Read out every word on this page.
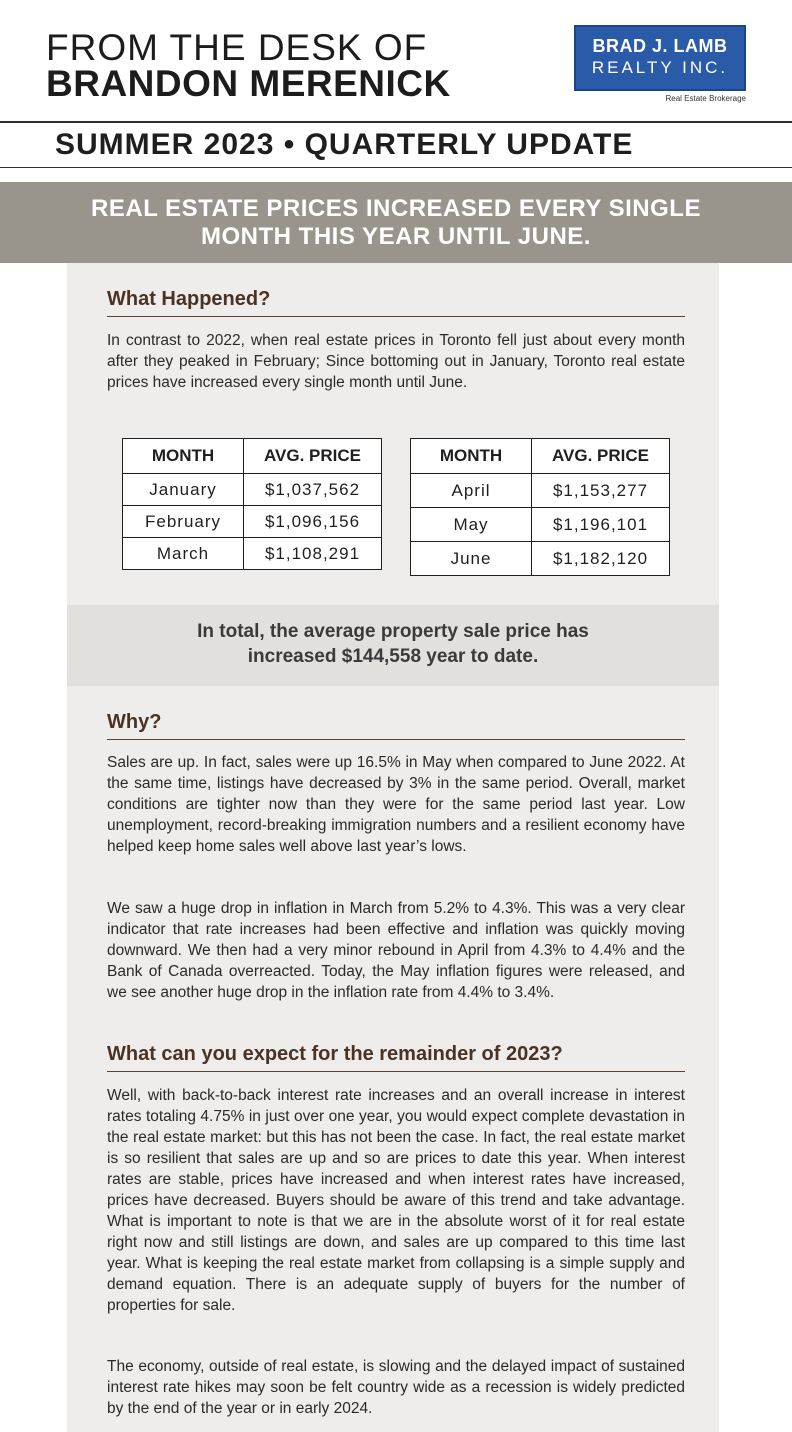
FROM THE DESK OF
BRANDON MERENICK
BRAD J. LAMB
REALTY INC.
Real Estate Brokerage
SUMMER 2023 • QUARTERLY UPDATE
REAL ESTATE PRICES INCREASED EVERY SINGLE
MONTH THIS YEAR UNTIL JUNE.
What Happened?

In contrast to 2022, when real estate prices in Toronto fell just about every month after they peaked in February; Since bottoming out in January, Toronto real estate prices have increased every single month until June.

MONTH	AVG. PRICE
January	$1,037,562
February	$1,096,156
March	$1,108,291
MONTH	AVG. PRICE
April	$1,153,277
May	$1,196,101
June	$1,182,120
In total, the average property sale price has
increased $144,558 year to date.
Why?

Sales are up. In fact, sales were up 16.5% in May when compared to June 2022. At the same time, listings have decreased by 3% in the same period. Overall, market conditions are tighter now than they were for the same period last year. Low unemployment, record-breaking immigration numbers and a resilient economy have helped keep home sales well above last year’s lows.

We saw a huge drop in inflation in March from 5.2% to 4.3%. This was a very clear indicator that rate increases had been effective and inflation was quickly moving downward. We then had a very minor rebound in April from 4.3% to 4.4% and the Bank of Canada overreacted. Today, the May inflation figures were released, and we see another huge drop in the inflation rate from 4.4% to 3.4%.

What can you expect for the remainder of 2023?

Well, with back-to-back interest rate increases and an overall increase in interest rates totaling 4.75% in just over one year, you would expect complete devastation in the real estate market: but this has not been the case. In fact, the real estate market is so resilient that sales are up and so are prices to date this year. When interest rates are stable, prices have increased and when interest rates have increased, prices have decreased. Buyers should be aware of this trend and take advantage. What is important to note is that we are in the absolute worst of it for real estate right now and still listings are down, and sales are up compared to this time last year. What is keeping the real estate market from collapsing is a simple supply and demand equation. There is an adequate supply of buyers for the number of properties for sale.

The economy, outside of real estate, is slowing and the delayed impact of sustained interest rate hikes may soon be felt country wide as a recession is widely predicted by the end of the year or in early 2024.
